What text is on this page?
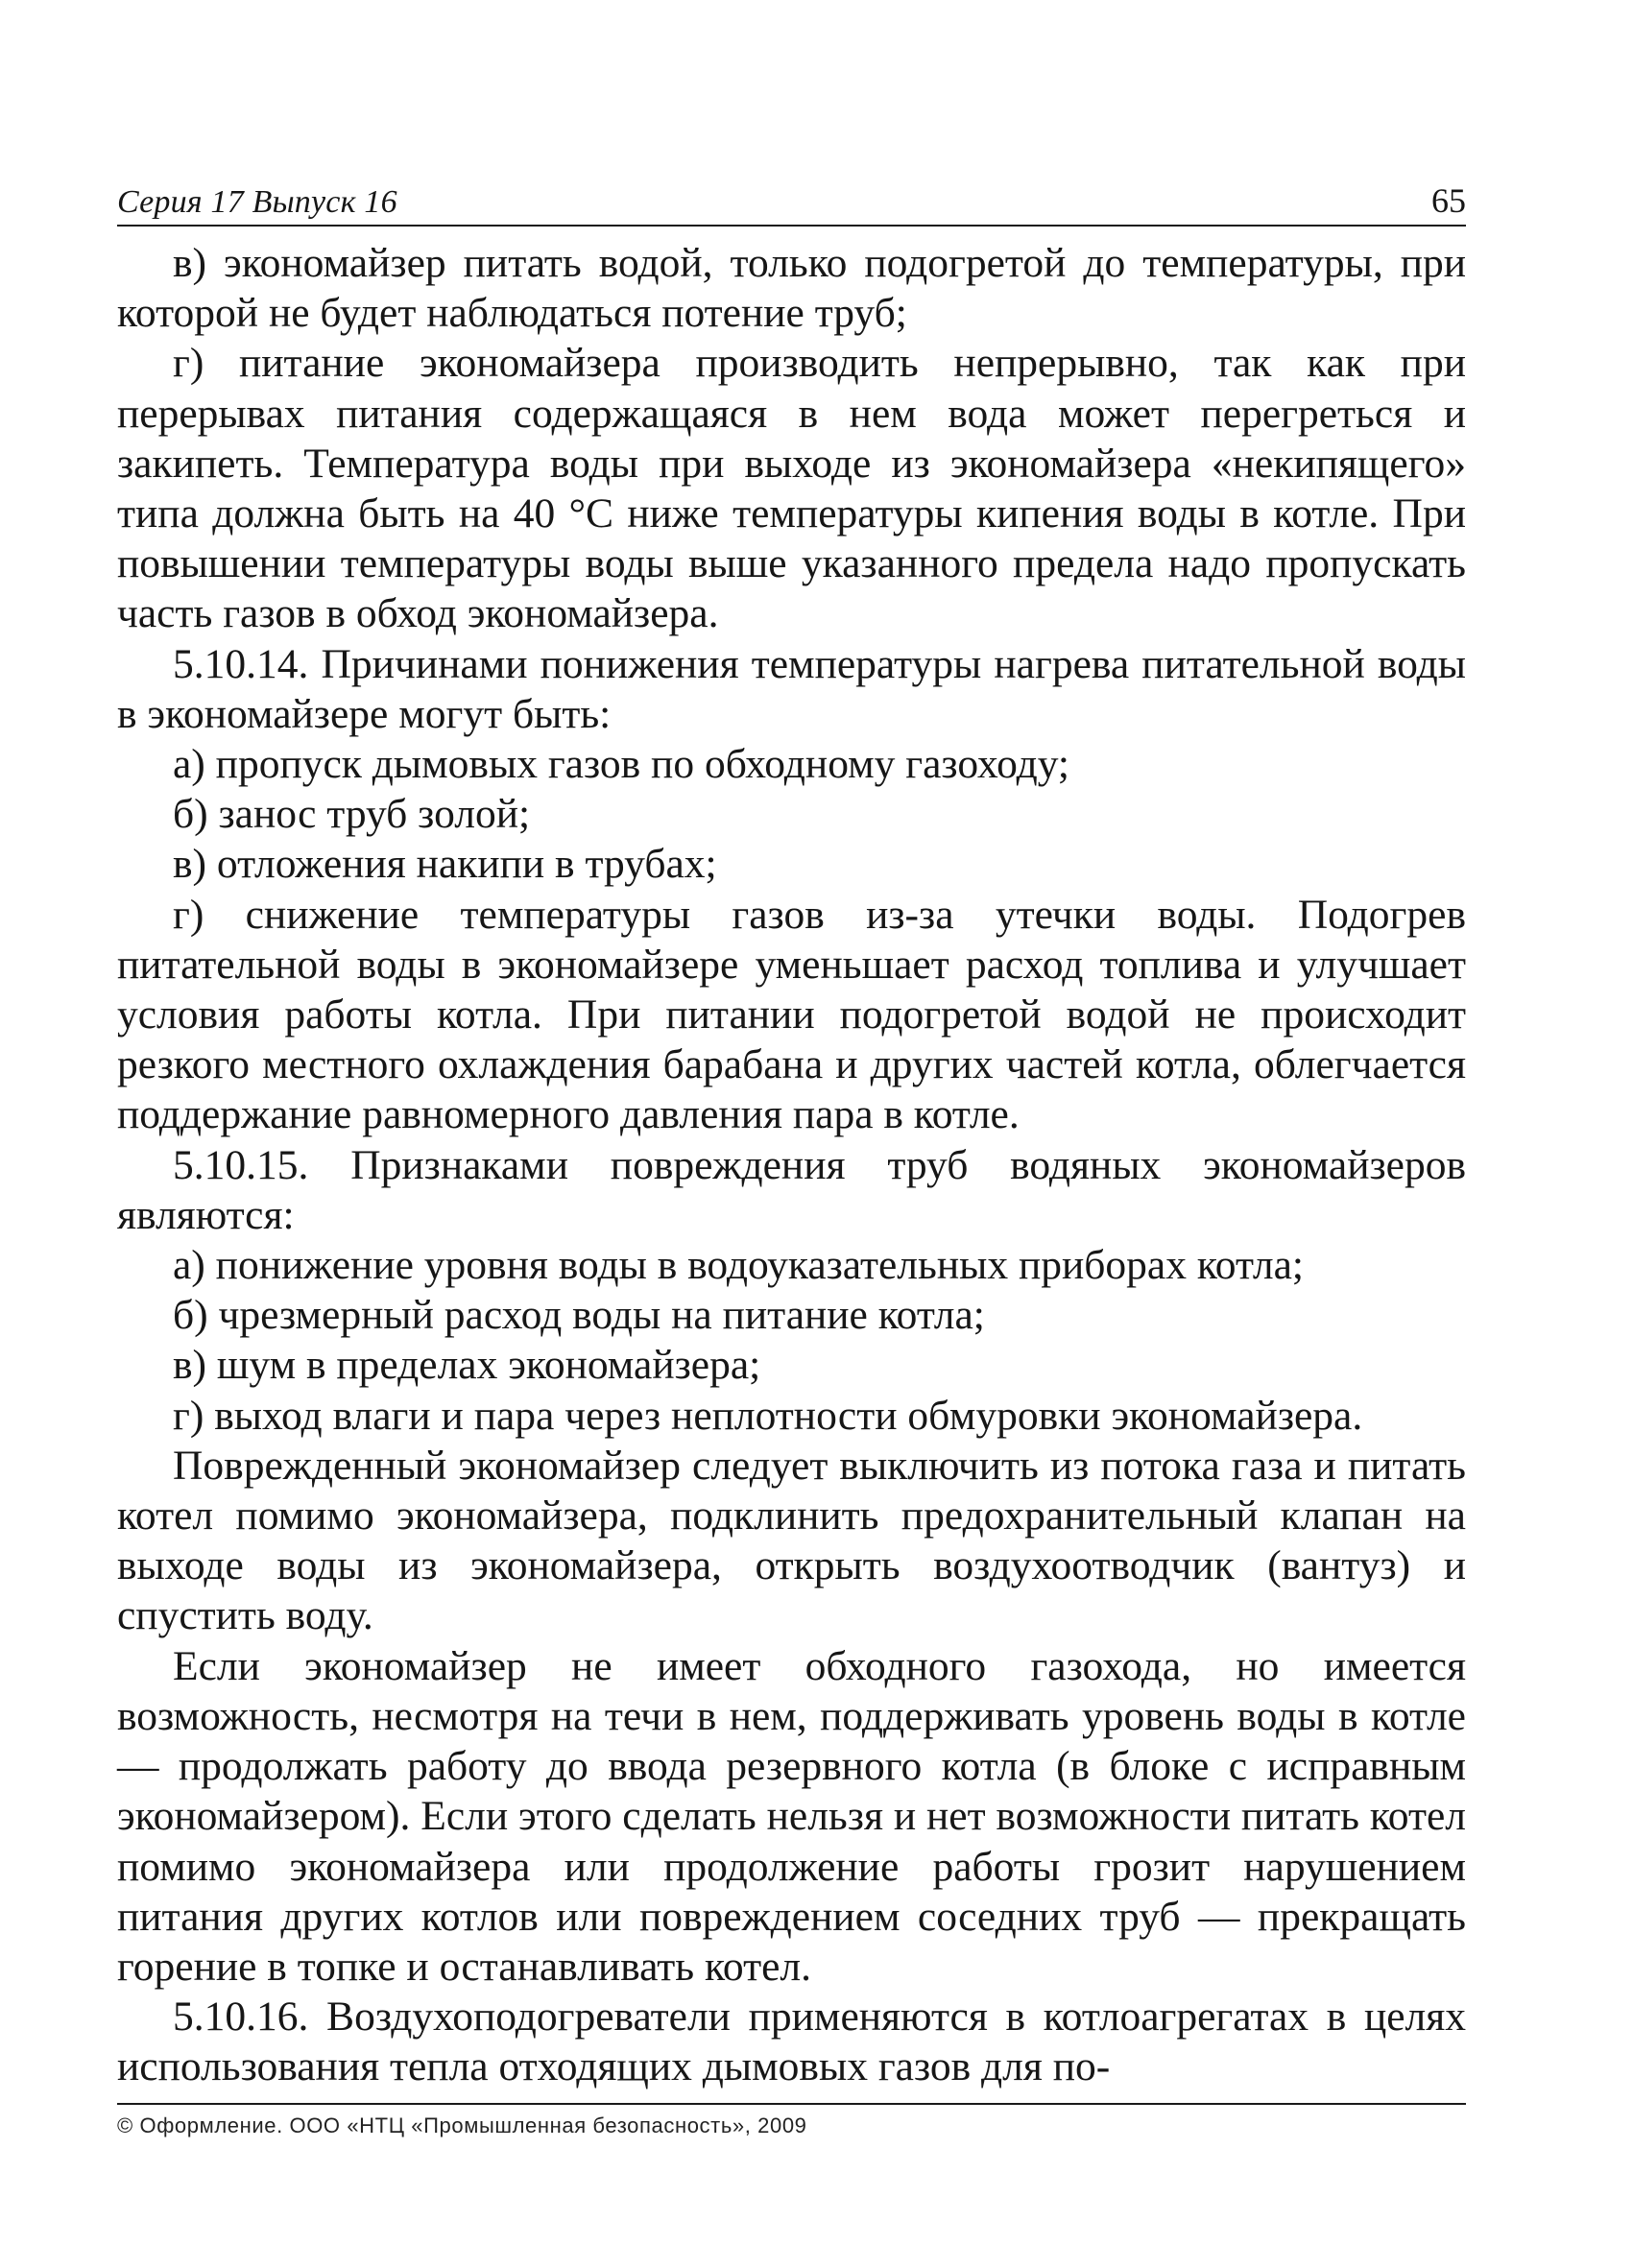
Серия 17 Выпуск 16	65

в) экономайзер питать водой, только подогретой до температуры, при которой не будет наблюдаться потение труб;

г) питание экономайзера производить непрерывно, так как при перерывах питания содержащаяся в нем вода может перегреться и закипеть. Температура воды при выходе из экономайзера «некипящего» типа должна быть на 40 °С ниже температуры кипения воды в котле. При повышении температуры воды выше указанного предела надо пропускать часть газов в обход экономайзера.

5.10.14. Причинами понижения температуры нагрева питательной воды в экономайзере могут быть:

а) пропуск дымовых газов по обходному газоходу;

б) занос труб золой;

в) отложения накипи в трубах;

г) снижение температуры газов из-за утечки воды. Подогрев питательной воды в экономайзере уменьшает расход топлива и улучшает условия работы котла. При питании подогретой водой не происходит резкого местного охлаждения барабана и других частей котла, облегчается поддержание равномерного давления пара в котле.

5.10.15. Признаками повреждения труб водяных экономайзеров являются:

а) понижение уровня воды в водоуказательных приборах котла;

б) чрезмерный расход воды на питание котла;

в) шум в пределах экономайзера;

г) выход влаги и пара через неплотности обмуровки экономайзера.

Поврежденный экономайзер следует выключить из потока газа и питать котел помимо экономайзера, подклинить предохранительный клапан на выходе воды из экономайзера, открыть воздухоотводчик (вантуз) и спустить воду.

Если экономайзер не имеет обходного газохода, но имеется возможность, несмотря на течи в нем, поддерживать уровень воды в котле — продолжать работу до ввода резервного котла (в блоке с исправным экономайзером). Если этого сделать нельзя и нет возможности питать котел помимо экономайзера или продолжение работы грозит нарушением питания других котлов или повреждением соседних труб — прекращать горение в топке и останавливать котел.

5.10.16. Воздухоподогреватели применяются в котлоагрегатах в целях использования тепла отходящих дымовых газов для по-

© Оформление. ООО «НТЦ «Промышленная безопасность», 2009
